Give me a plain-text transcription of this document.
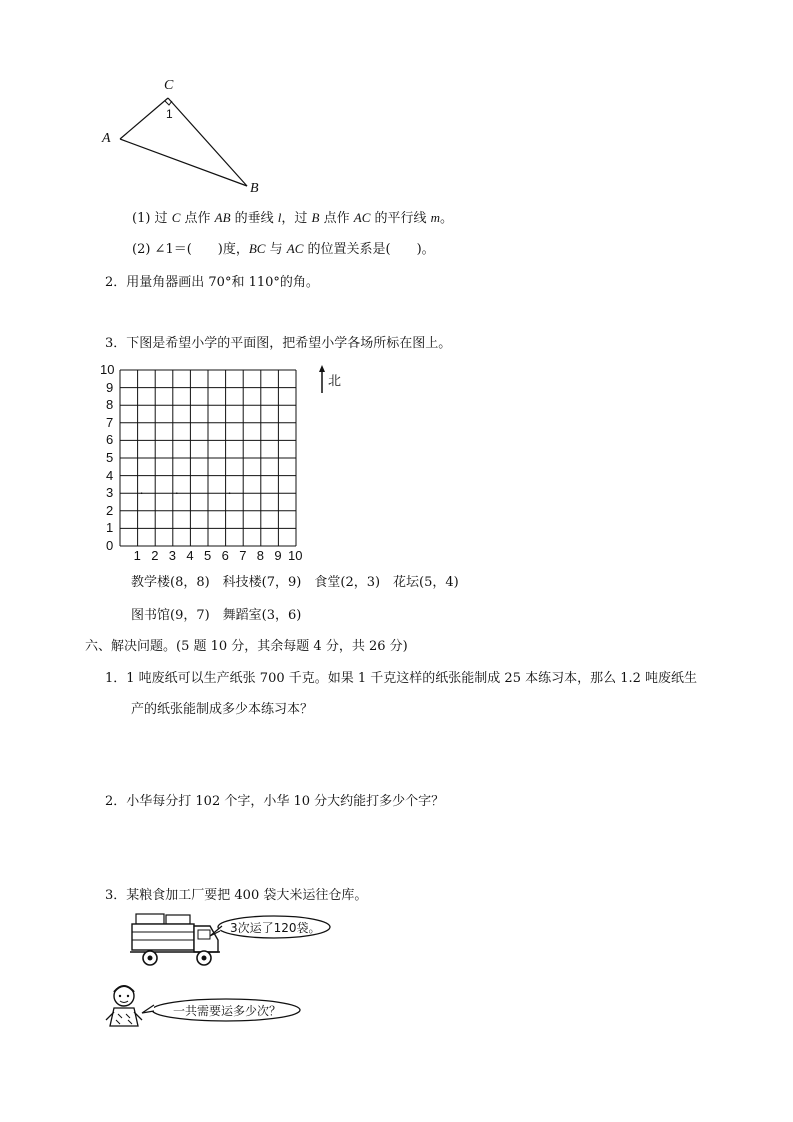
C
A
B
1
(1) 过 C 点作 AB 的垂线 l，过 B 点作 AC 的平行线 m。
(2) ∠1＝(　　)度，BC 与 AC 的位置关系是(　　)。
2．用量角器画出 70°和 110°的角。
3．下图是希望小学的平面图，把希望小学各场所标在图上。
10
9
8
7
6
5
4
3
2
1
0
1 2 3 4 5 6 7 8 9 10
北
教学楼(8，8)　科技楼(7，9)　食堂(2，3)　花坛(5，4)
图书馆(9，7)　舞蹈室(3，6)
六、解决问题。(5 题 10 分，其余每题 4 分，共 26 分)
1．1 吨废纸可以生产纸张 700 千克。如果 1 千克这样的纸张能制成 25 本练习本，那么 1.2 吨废纸生
产的纸张能制成多少本练习本？
2．小华每分打 102 个字，小华 10 分大约能打多少个字？
3．某粮食加工厂要把 400 袋大米运往仓库。
3次运了120袋。
一共需要运多少次？
